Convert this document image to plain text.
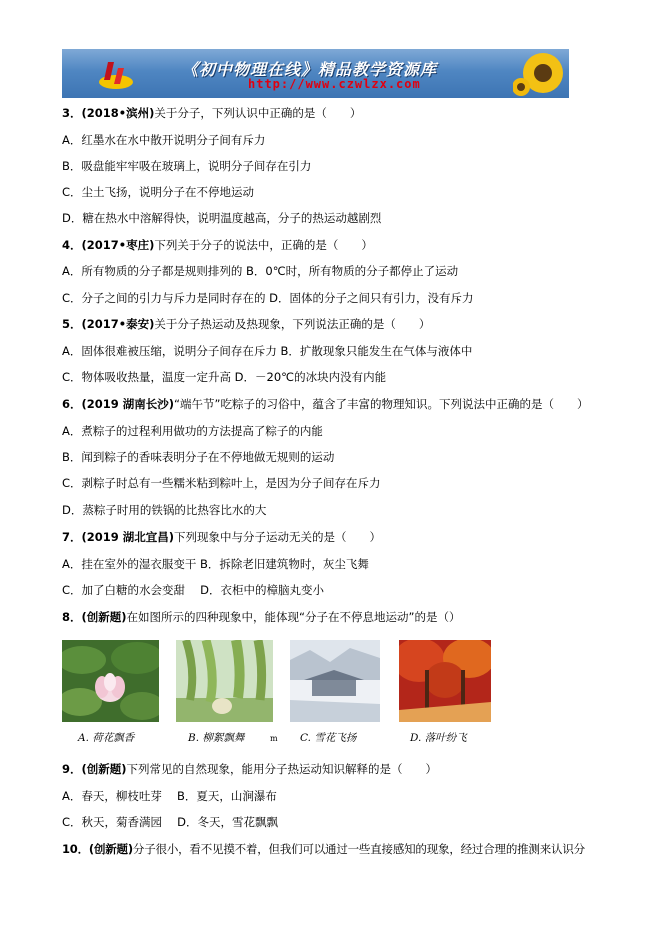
《初中物理在线》精品教学资源库
http://www.czwlzx.com
3．(2018•滨州)关于分子，下列认识中正确的是（　　）
A．红墨水在水中散开说明分子间有斥力
B．吸盘能牢牢吸在玻璃上，说明分子间存在引力
C．尘土飞扬，说明分子在不停地运动
D．糖在热水中溶解得快，说明温度越高，分子的热运动越剧烈
4．(2017•枣庄)下列关于分子的说法中，正确的是（　　）
A．所有物质的分子都是规则排列的 B．0℃时，所有物质的分子都停止了运动
C．分子之间的引力与斥力是同时存在的 D．固体的分子之间只有引力，没有斥力
5．(2017•泰安)关于分子热运动及热现象，下列说法正确的是（　　）
A．固体很难被压缩，说明分子间存在斥力 B．扩散现象只能发生在气体与液体中
C．物体吸收热量，温度一定升高 D．－20℃的冰块内没有内能
6．(2019 湖南长沙)“端午节”吃粽子的习俗中，蕴含了丰富的物理知识。下列说法中正确的是（　　）
A．煮粽子的过程利用做功的方法提高了粽子的内能
B．闻到粽子的香味表明分子在不停地做无规则的运动
C．剥粽子时总有一些糯米粘到粽叶上，是因为分子间存在斥力
D．蒸粽子时用的铁锅的比热容比水的大
7．(2019 湖北宜昌)下列现象中与分子运动无关的是（　　）
A．挂在室外的湿衣服变干 B．拆除老旧建筑物时，灰尘飞舞
C．加了白糖的水会变甜　 D．衣柜中的樟脑丸变小
8．(创新题)在如图所示的四种现象中，能体现“分子在不停息地运动”的是（）
A. 荷花飘香	B. 柳絮飘舞	m C. 雪花飞扬	D. 落叶纷飞
9．(创新题)下列常见的自然现象，能用分子热运动知识解释的是（　　）
A．春天，柳枝吐芽　 B．夏天，山涧瀑布
C．秋天，菊香满园　 D．冬天，雪花飘飘
10．(创新题)分子很小，看不见摸不着，但我们可以通过一些直接感知的现象，经过合理的推测来认识分
